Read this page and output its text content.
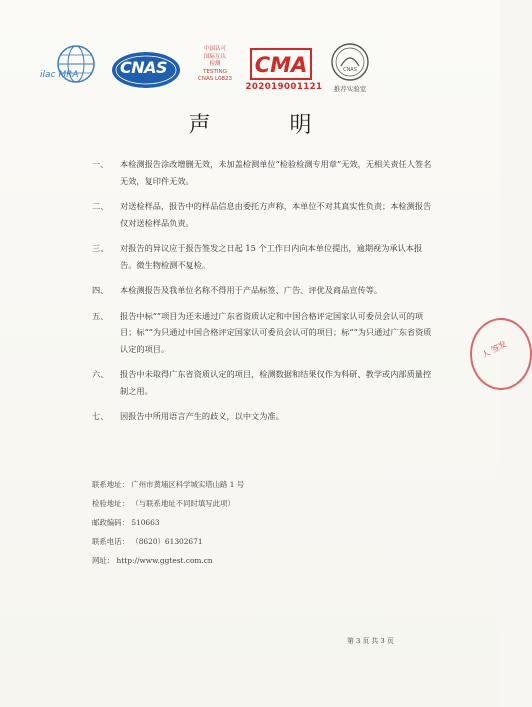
ilac MRA	CNAS
中国认可
国际互认
检测
TESTING
CNAS L0823
CMA
202019001121
CNAS
推荐实验室
声 明
一、	本检测报告涂改增删无效，未加盖检测单位“检验检测专用章”无效，无相关责任人签名无效，复印件无效。
二、	对送检样品，报告中的样品信息由委托方声称，本单位不对其真实性负责；本检测报告仅对送检样品负责。
三、	对报告的异议应于报告签发之日起 15 个工作日内向本单位提出，逾期视为承认本报告。微生物检测不复检。
四、	本检测报告及我单位名称不得用于产品标签、广告、评优及商品宣传等。
五、	报告中标“”项目为还未通过广东省资质认定和中国合格评定国家认可委员会认可的项目；标“”为只通过中国合格评定国家认可委员会认可的项目；标“”为只通过广东省资质认定的项目。
六、	报告中未取得广东省资质认定的项目，检测数据和结果仅作为科研、教学或内部质量控制之用。
七、	因报告中所用语言产生的歧义，以中文为准。
联系地址： 广州市黄埔区科学城实塔山路 1 号
检验地址： （与联系地址不同时填写此项）
邮政编码： 510663
联系电话： （8620）61302671
网址： http://www.ggtest.com.cn
第 3 页 共 3 页
人 签发
